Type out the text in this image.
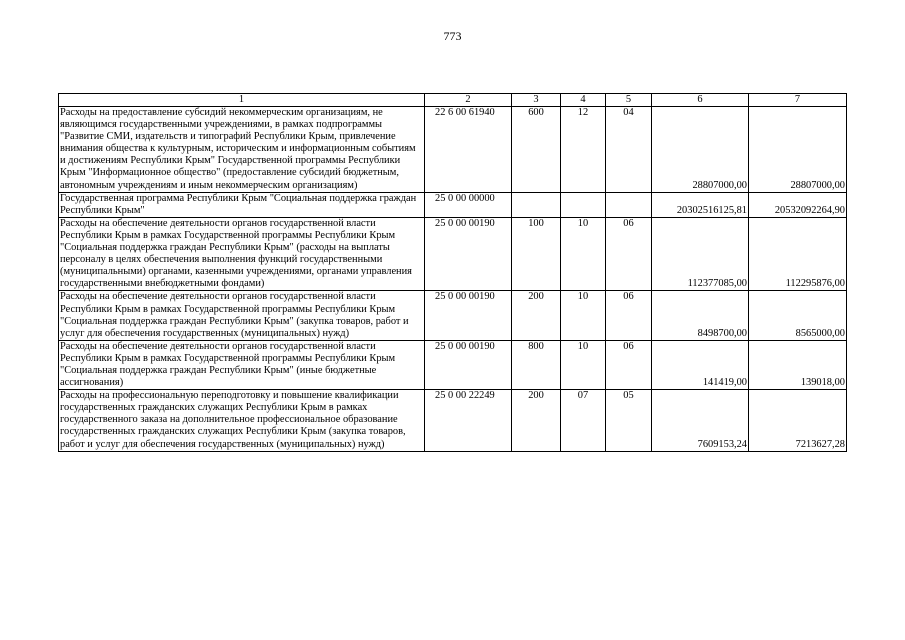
773
1	2	3	4	5	6	7
Расходы на предоставление субсидий некоммерческим организациям, не являющимся государственными учреждениями, в рамках подпрограммы "Развитие СМИ, издательств и типографий Республики Крым, привлечение внимания общества к культурным, историческим и информационным событиям и достижениям Республики Крым" Государственной программы Республики Крым "Информационное общество" (предоставление субсидий бюджетным, автономным учреждениям и иным некоммерческим организациям)	22 6 00 61940	600	12	04	28807000,00	28807000,00
Государственная программа Республики Крым "Социальная поддержка граждан Республики Крым"	25 0 00 00000				20302516125,81	20532092264,90
Расходы на обеспечение деятельности органов государственной власти Республики Крым в рамках Государственной программы Республики Крым "Социальная поддержка граждан Республики Крым" (расходы на выплаты персоналу в целях обеспечения выполнения функций государственными (муниципальными) органами, казенными учреждениями, органами управления государственными внебюджетными фондами)	25 0 00 00190	100	10	06	112377085,00	112295876,00
Расходы на обеспечение деятельности органов государственной власти Республики Крым в рамках Государственной программы Республики Крым "Социальная поддержка граждан Республики Крым" (закупка товаров, работ и услуг для обеспечения государственных (муниципальных) нужд)	25 0 00 00190	200	10	06	8498700,00	8565000,00
Расходы на обеспечение деятельности органов государственной власти Республики Крым в рамках Государственной программы Республики Крым "Социальная поддержка граждан Республики Крым" (иные бюджетные ассигнования)	25 0 00 00190	800	10	06	141419,00	139018,00
Расходы на профессиональную переподготовку и повышение квалификации государственных гражданских служащих Республики Крым в рамках государственного заказа на дополнительное профессиональное образование государственных гражданских служащих Республики Крым (закупка товаров, работ и услуг для обеспечения государственных (муниципальных) нужд)	25 0 00 22249	200	07	05	7609153,24	7213627,28
